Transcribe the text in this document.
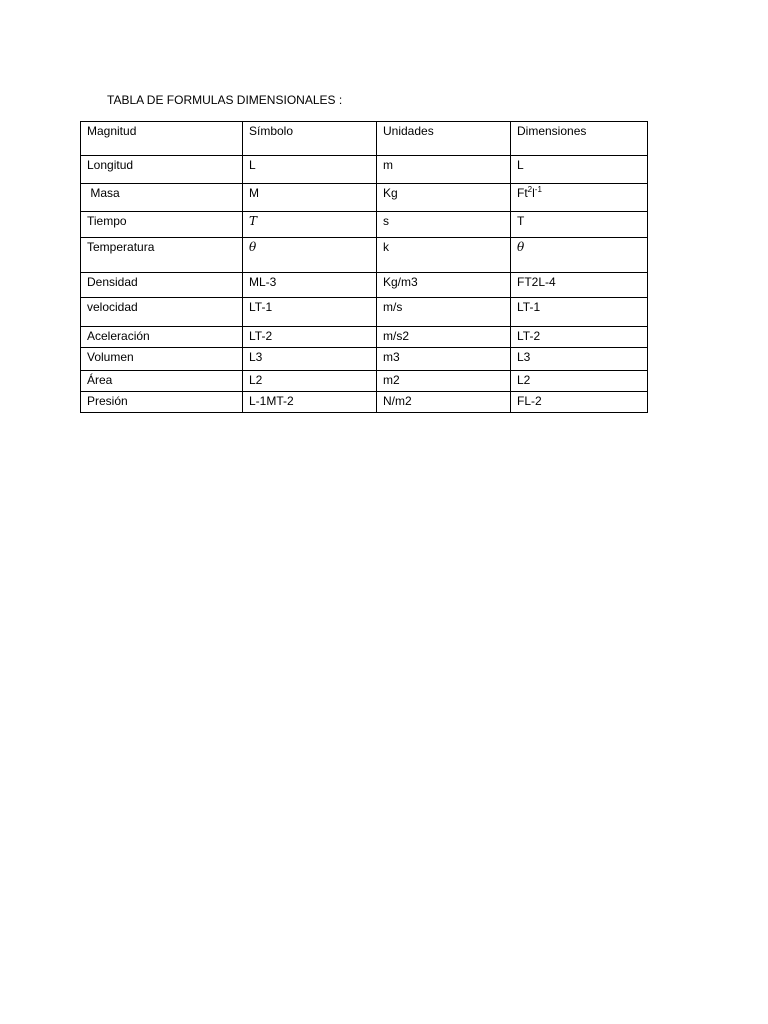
TABLA DE FORMULAS DIMENSIONALES :
Magnitud	Símbolo	Unidades	Dimensiones
Longitud	L	m	L
Masa	M	Kg	$Ft^2l^{-1}$
Tiempo	T	s	T
Temperatura	θ	k	θ
Densidad	ML-3	Kg/m3	FT2L-4
velocidad	LT-1	m/s	LT-1
Aceleración	LT-2	m/s2	LT-2
Volumen	L3	m3	L3
Área	L2	m2	L2
Presión	L-1MT-2	N/m2	FL-2
